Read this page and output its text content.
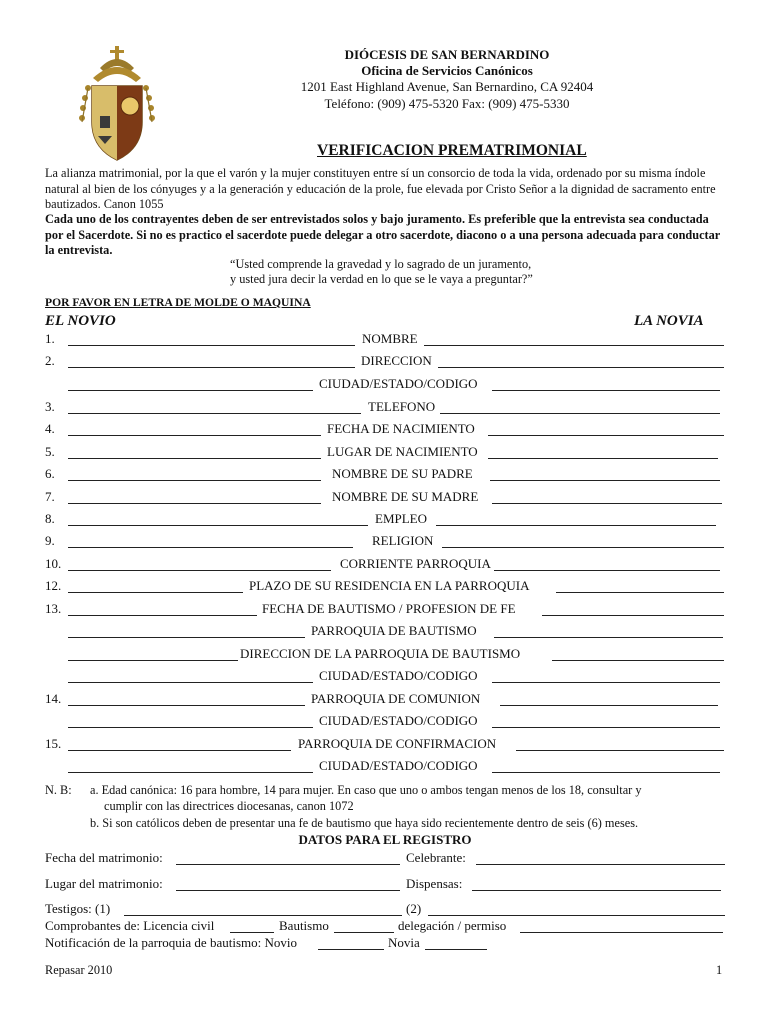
DIÓCESIS DE SAN BERNARDINO
Oficina de Servicios Canónicos
1201 East Highland Avenue, San Bernardino, CA 92404
Teléfono: (909) 475-5320 Fax: (909) 475-5330
VERIFICACION PREMATRIMONIAL
La alianza matrimonial, por la que el varón y la mujer constituyen entre sí un consorcio de toda la vida, ordenado por su misma índole natural al bien de los cónyuges y a la generación y educación de la prole, fue elevada por Cristo Señor a la dignidad de sacramento entre bautizados. Canon 1055
Cada uno de los contrayentes deben de ser entrevistados solos y bajo juramento. Es preferible que la entrevista sea conductada por el Sacerdote. Si no es practico el sacerdote puede delegar a otro sacerdote, diacono o a una persona adecuada para conductar la entrevista.
“Usted comprende la gravedad y lo sagrado de un juramento,
y usted jura decir la verdad en lo que se le vaya a preguntar?”
POR FAVOR EN LETRA DE MOLDE O MAQUINA
EL NOVIO	LA NOVIA
1.	NOMBRE
2.	DIRECCION
CIUDAD/ESTADO/CODIGO
3.	TELEFONO
4.	FECHA DE NACIMIENTO
5.	LUGAR DE NACIMIENTO
6.	NOMBRE DE SU PADRE
7.	NOMBRE DE SU MADRE
8.	EMPLEO
9.	RELIGION
10.	CORRIENTE PARROQUIA
12.	PLAZO DE SU RESIDENCIA EN LA PARROQUIA
13.	FECHA DE BAUTISMO / PROFESION DE FE
PARROQUIA DE BAUTISMO
DIRECCION DE LA PARROQUIA DE BAUTISMO
CIUDAD/ESTADO/CODIGO
14.	PARROQUIA DE COMUNION
CIUDAD/ESTADO/CODIGO
15.	PARROQUIA DE CONFIRMACION
CIUDAD/ESTADO/CODIGO
N. B: a. Edad canónica: 16 para hombre, 14 para mujer. En caso que uno o ambos tengan menos de los 18, consultar y
cumplir con las directrices diocesanas, canon 1072
b. Si son católicos deben de presentar una fe de bautismo que haya sido recientemente dentro de seis (6) meses.
DATOS PARA EL REGISTRO
Fecha del matrimonio:	Celebrante:
Lugar del matrimonio:	Dispensas:
Testigos: (1)	(2)
Comprobantes de: Licencia civil	Bautismo	delegación / permiso
Notificación de la parroquia de bautismo: Novio	Novia
Repasar 2010	1
